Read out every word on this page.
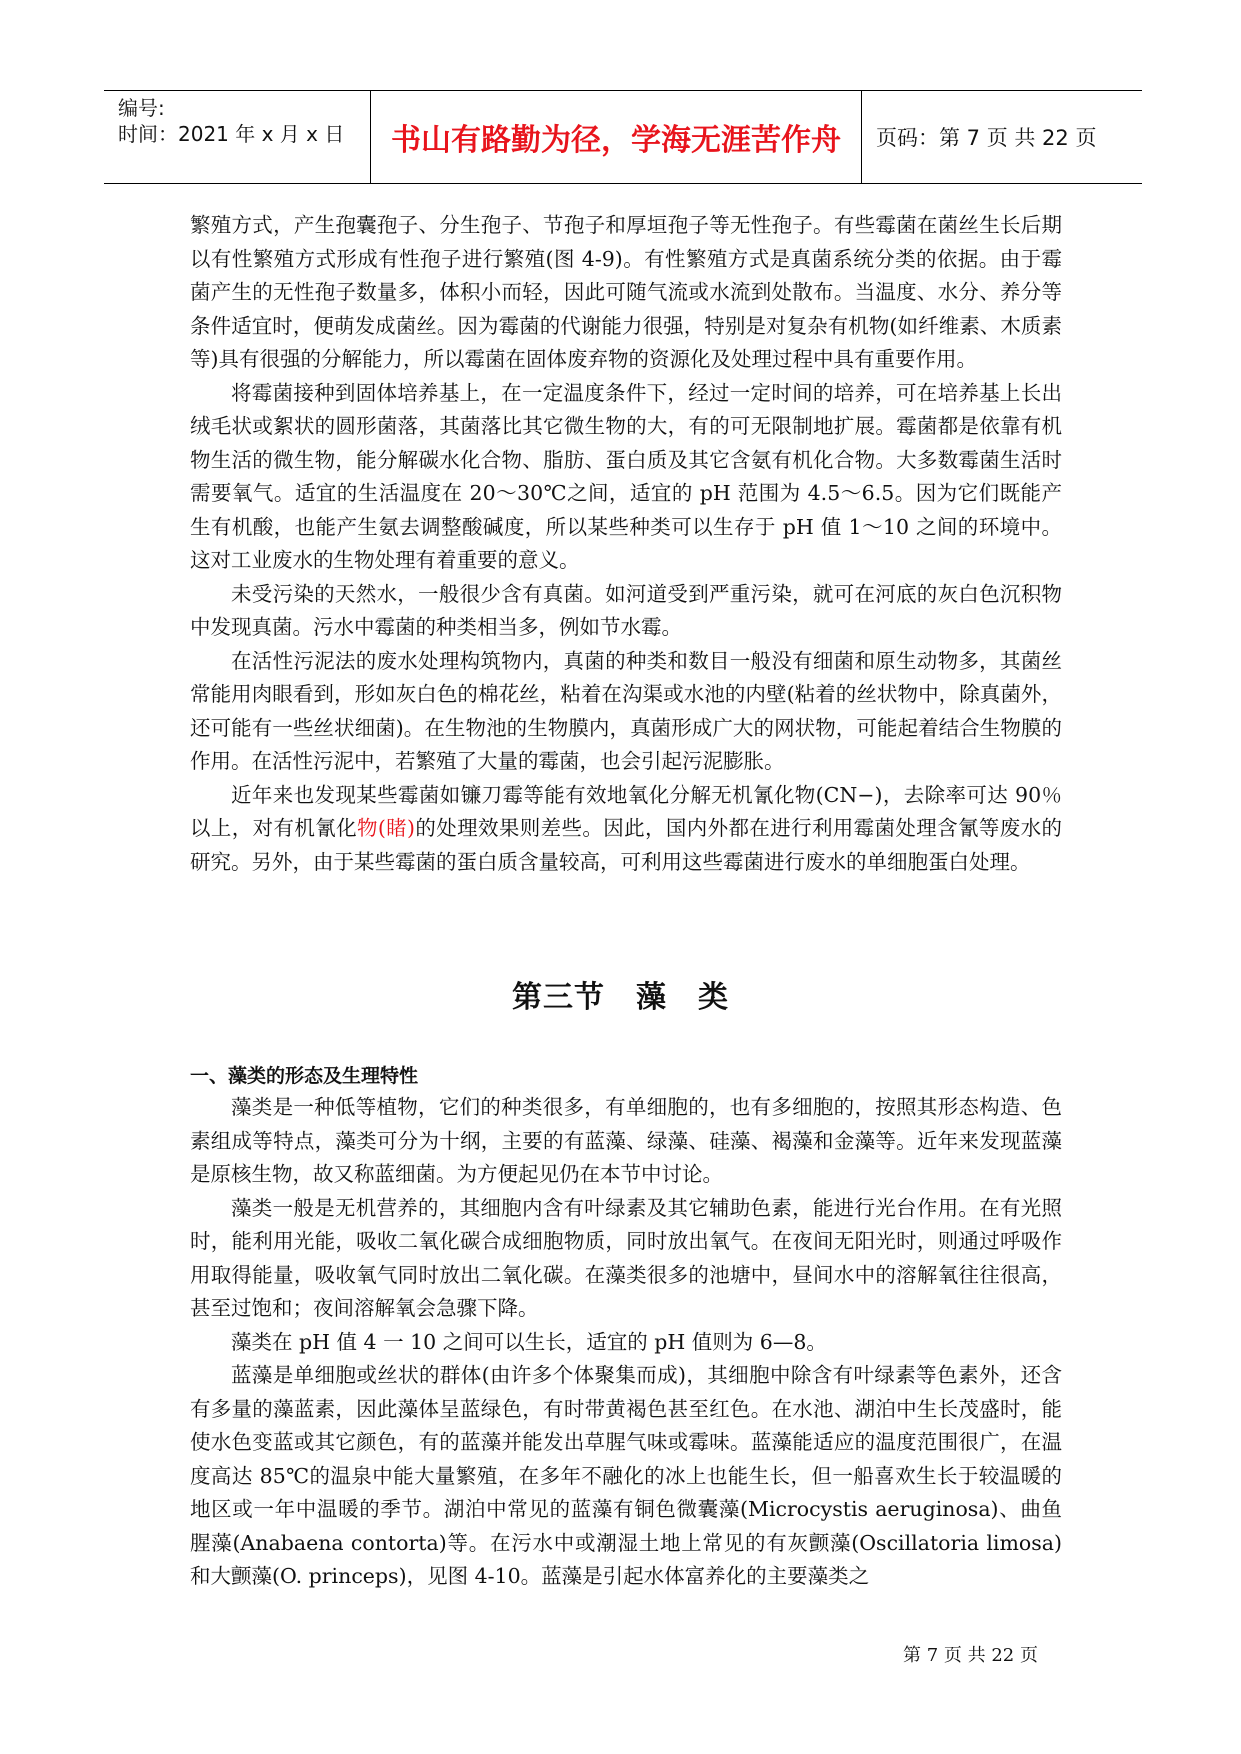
编号:
时间：2021 年 x 月 x 日	书山有路勤为径，学海无涯苦作舟	页码：第 7 页 共 22 页

繁殖方式，产生孢囊孢子、分生孢子、节孢子和厚垣孢子等无性孢子。有些霉菌在菌丝生长后期以有性繁殖方式形成有性孢子进行繁殖(图 4-9)。有性繁殖方式是真菌系统分类的依据。由于霉菌产生的无性孢子数量多，体积小而轻，因此可随气流或水流到处散布。当温度、水分、养分等条件适宜时，便萌发成菌丝。因为霉菌的代谢能力很强，特别是对复杂有机物(如纤维素、木质素等)具有很强的分解能力，所以霉菌在固体废弃物的资源化及处理过程中具有重要作用。

将霉菌接种到固体培养基上，在一定温度条件下，经过一定时间的培养，可在培养基上长出绒毛状或絮状的圆形菌落，其菌落比其它微生物的大，有的可无限制地扩展。霉菌都是依靠有机物生活的微生物，能分解碳水化合物、脂肪、蛋白质及其它含氨有机化合物。大多数霉菌生活时需要氧气。适宜的生活温度在 20～30℃之间，适宜的 pH 范围为 4.5～6.5。因为它们既能产生有机酸，也能产生氨去调整酸碱度，所以某些种类可以生存于 pH 值 1～10 之间的环境中。这对工业废水的生物处理有着重要的意义。

未受污染的天然水，一般很少含有真菌。如河道受到严重污染，就可在河底的灰白色沉积物中发现真菌。污水中霉菌的种类相当多，例如节水霉。

在活性污泥法的废水处理构筑物内，真菌的种类和数目一般没有细菌和原生动物多，其菌丝常能用肉眼看到，形如灰白色的棉花丝，粘着在沟渠或水池的内壁(粘着的丝状物中，除真菌外，还可能有一些丝状细菌)。在生物池的生物膜内，真菌形成广大的网状物，可能起着结合生物膜的作用。在活性污泥中，若繁殖了大量的霉菌，也会引起污泥膨胀。

近年来也发现某些霉菌如镰刀霉等能有效地氧化分解无机氰化物(CN−)，去除率可达 90％以上，对有机氰化物(睹)的处理效果则差些。因此，国内外都在进行利用霉菌处理含氰等废水的研究。另外，由于某些霉菌的蛋白质含量较高，可利用这些霉菌进行废水的单细胞蛋白处理。

第三节　藻　类
一、藻类的形态及生理特性

藻类是一种低等植物，它们的种类很多，有单细胞的，也有多细胞的，按照其形态构造、色素组成等特点，藻类可分为十纲，主要的有蓝藻、绿藻、硅藻、褐藻和金藻等。近年来发现蓝藻是原核生物，故又称蓝细菌。为方便起见仍在本节中讨论。

藻类一般是无机营养的，其细胞内含有叶绿素及其它辅助色素，能进行光台作用。在有光照时，能利用光能，吸收二氧化碳合成细胞物质，同时放出氧气。在夜间无阳光时，则通过呼吸作用取得能量，吸收氧气同时放出二氧化碳。在藻类很多的池塘中，昼间水中的溶解氧往往很高，甚至过饱和；夜间溶解氧会急骤下降。

藻类在 pH 值 4 一 10 之间可以生长，适宜的 pH 值则为 6—8。

蓝藻是单细胞或丝状的群体(由许多个体聚集而成)，其细胞中除含有叶绿素等色素外，还含有多量的藻蓝素，因此藻体呈蓝绿色，有时带黄褐色甚至红色。在水池、湖泊中生长茂盛时，能使水色变蓝或其它颜色，有的蓝藻并能发出草腥气味或霉味。蓝藻能适应的温度范围很广，在温度高达 85℃的温泉中能大量繁殖，在多年不融化的冰上也能生长，但一船喜欢生长于较温暖的地区或一年中温暖的季节。湖泊中常见的蓝藻有铜色微囊藻(Microcystis aeruginosa)、曲鱼腥藻(Anabaena contorta)等。在污水中或潮湿土地上常见的有灰颤藻(Oscillatoria limosa)和大颤藻(O. princeps)，见图 4-10。蓝藻是引起水体富养化的主要藻类之

第 7 页 共 22 页
